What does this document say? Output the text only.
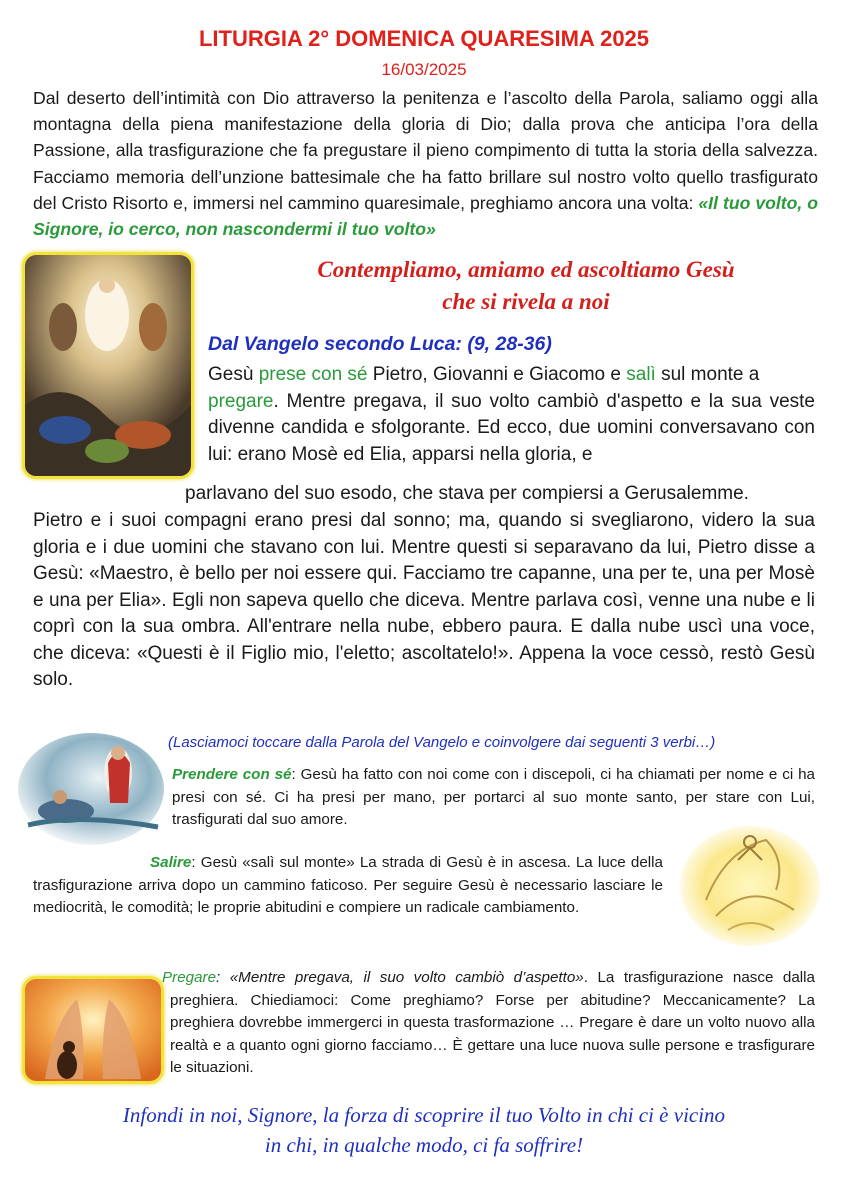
LITURGIA 2° DOMENICA QUARESIMA 2025
16/03/2025
Dal deserto dell’intimità con Dio attraverso la penitenza e l’ascolto della Parola, saliamo oggi alla montagna della piena manifestazione della gloria di Dio; dalla prova che anticipa l’ora della Passione, alla trasfigurazione che fa pregustare il pieno compimento di tutta la storia della salvezza. Facciamo memoria dell’unzione battesimale che ha fatto brillare sul nostro volto quello trasfigurato del Cristo Risorto e, immersi nel cammino quaresimale, preghiamo ancora una volta: «Il tuo volto, o Signore, io cerco, non nascondermi il tuo volto»
Contempliamo, amiamo ed ascoltiamo Gesù
che si rivela a noi
Dal Vangelo secondo Luca: (9, 28-36)
Gesù prese con sé Pietro, Giovanni e Giacomo e salì sul monte a
pregare. Mentre pregava, il suo volto cambiò d'aspetto e la sua veste divenne candida e sfolgorante. Ed ecco, due uomini conversavano con lui: erano Mosè ed Elia, apparsi nella gloria, e
parlavano del suo esodo, che stava per compiersi a Gerusalemme.
Pietro e i suoi compagni erano presi dal sonno; ma, quando si svegliarono, videro la sua gloria e i due uomini che stavano con lui. Mentre questi si separavano da lui, Pietro disse a Gesù: «Maestro, è bello per noi essere qui. Facciamo tre capanne, una per te, una per Mosè e una per Elia». Egli non sapeva quello che diceva. Mentre parlava così, venne una nube e li coprì con la sua ombra. All'entrare nella nube, ebbero paura. E dalla nube uscì una voce, che diceva: «Questi è il Figlio mio, l'eletto; ascoltatelo!». Appena la voce cessò, restò Gesù solo.
(Lasciamoci toccare dalla Parola del Vangelo e coinvolgere dai seguenti 3 verbi…)
Prendere con sé: Gesù ha fatto con noi come con i discepoli, ci ha chiamati per nome e ci ha presi con sé. Ci ha presi per mano, per portarci al suo monte santo, per stare con Lui, trasfigurati dal suo amore.
Salire: Gesù «salì sul monte» La strada di Gesù è in ascesa. La luce della trasfigurazione arriva dopo un cammino faticoso. Per seguire Gesù è necessario lasciare le mediocrità, le comodità; le proprie abitudini e compiere un radicale cambiamento.
Pregare: «Mentre pregava, il suo volto cambiò d’aspetto». La trasfigurazione nasce dalla preghiera. Chiediamoci: Come preghiamo? Forse per abitudine? Meccanicamente? La preghiera dovrebbe immergerci in questa trasformazione … Pregare è dare un volto nuovo alla realtà e a quanto ogni giorno facciamo… È gettare una luce nuova sulle persone e trasfigurare le situazioni.
Infondi in noi, Signore, la forza di scoprire il tuo Volto in chi ci è vicino
in chi, in qualche modo, ci fa soffrire!
